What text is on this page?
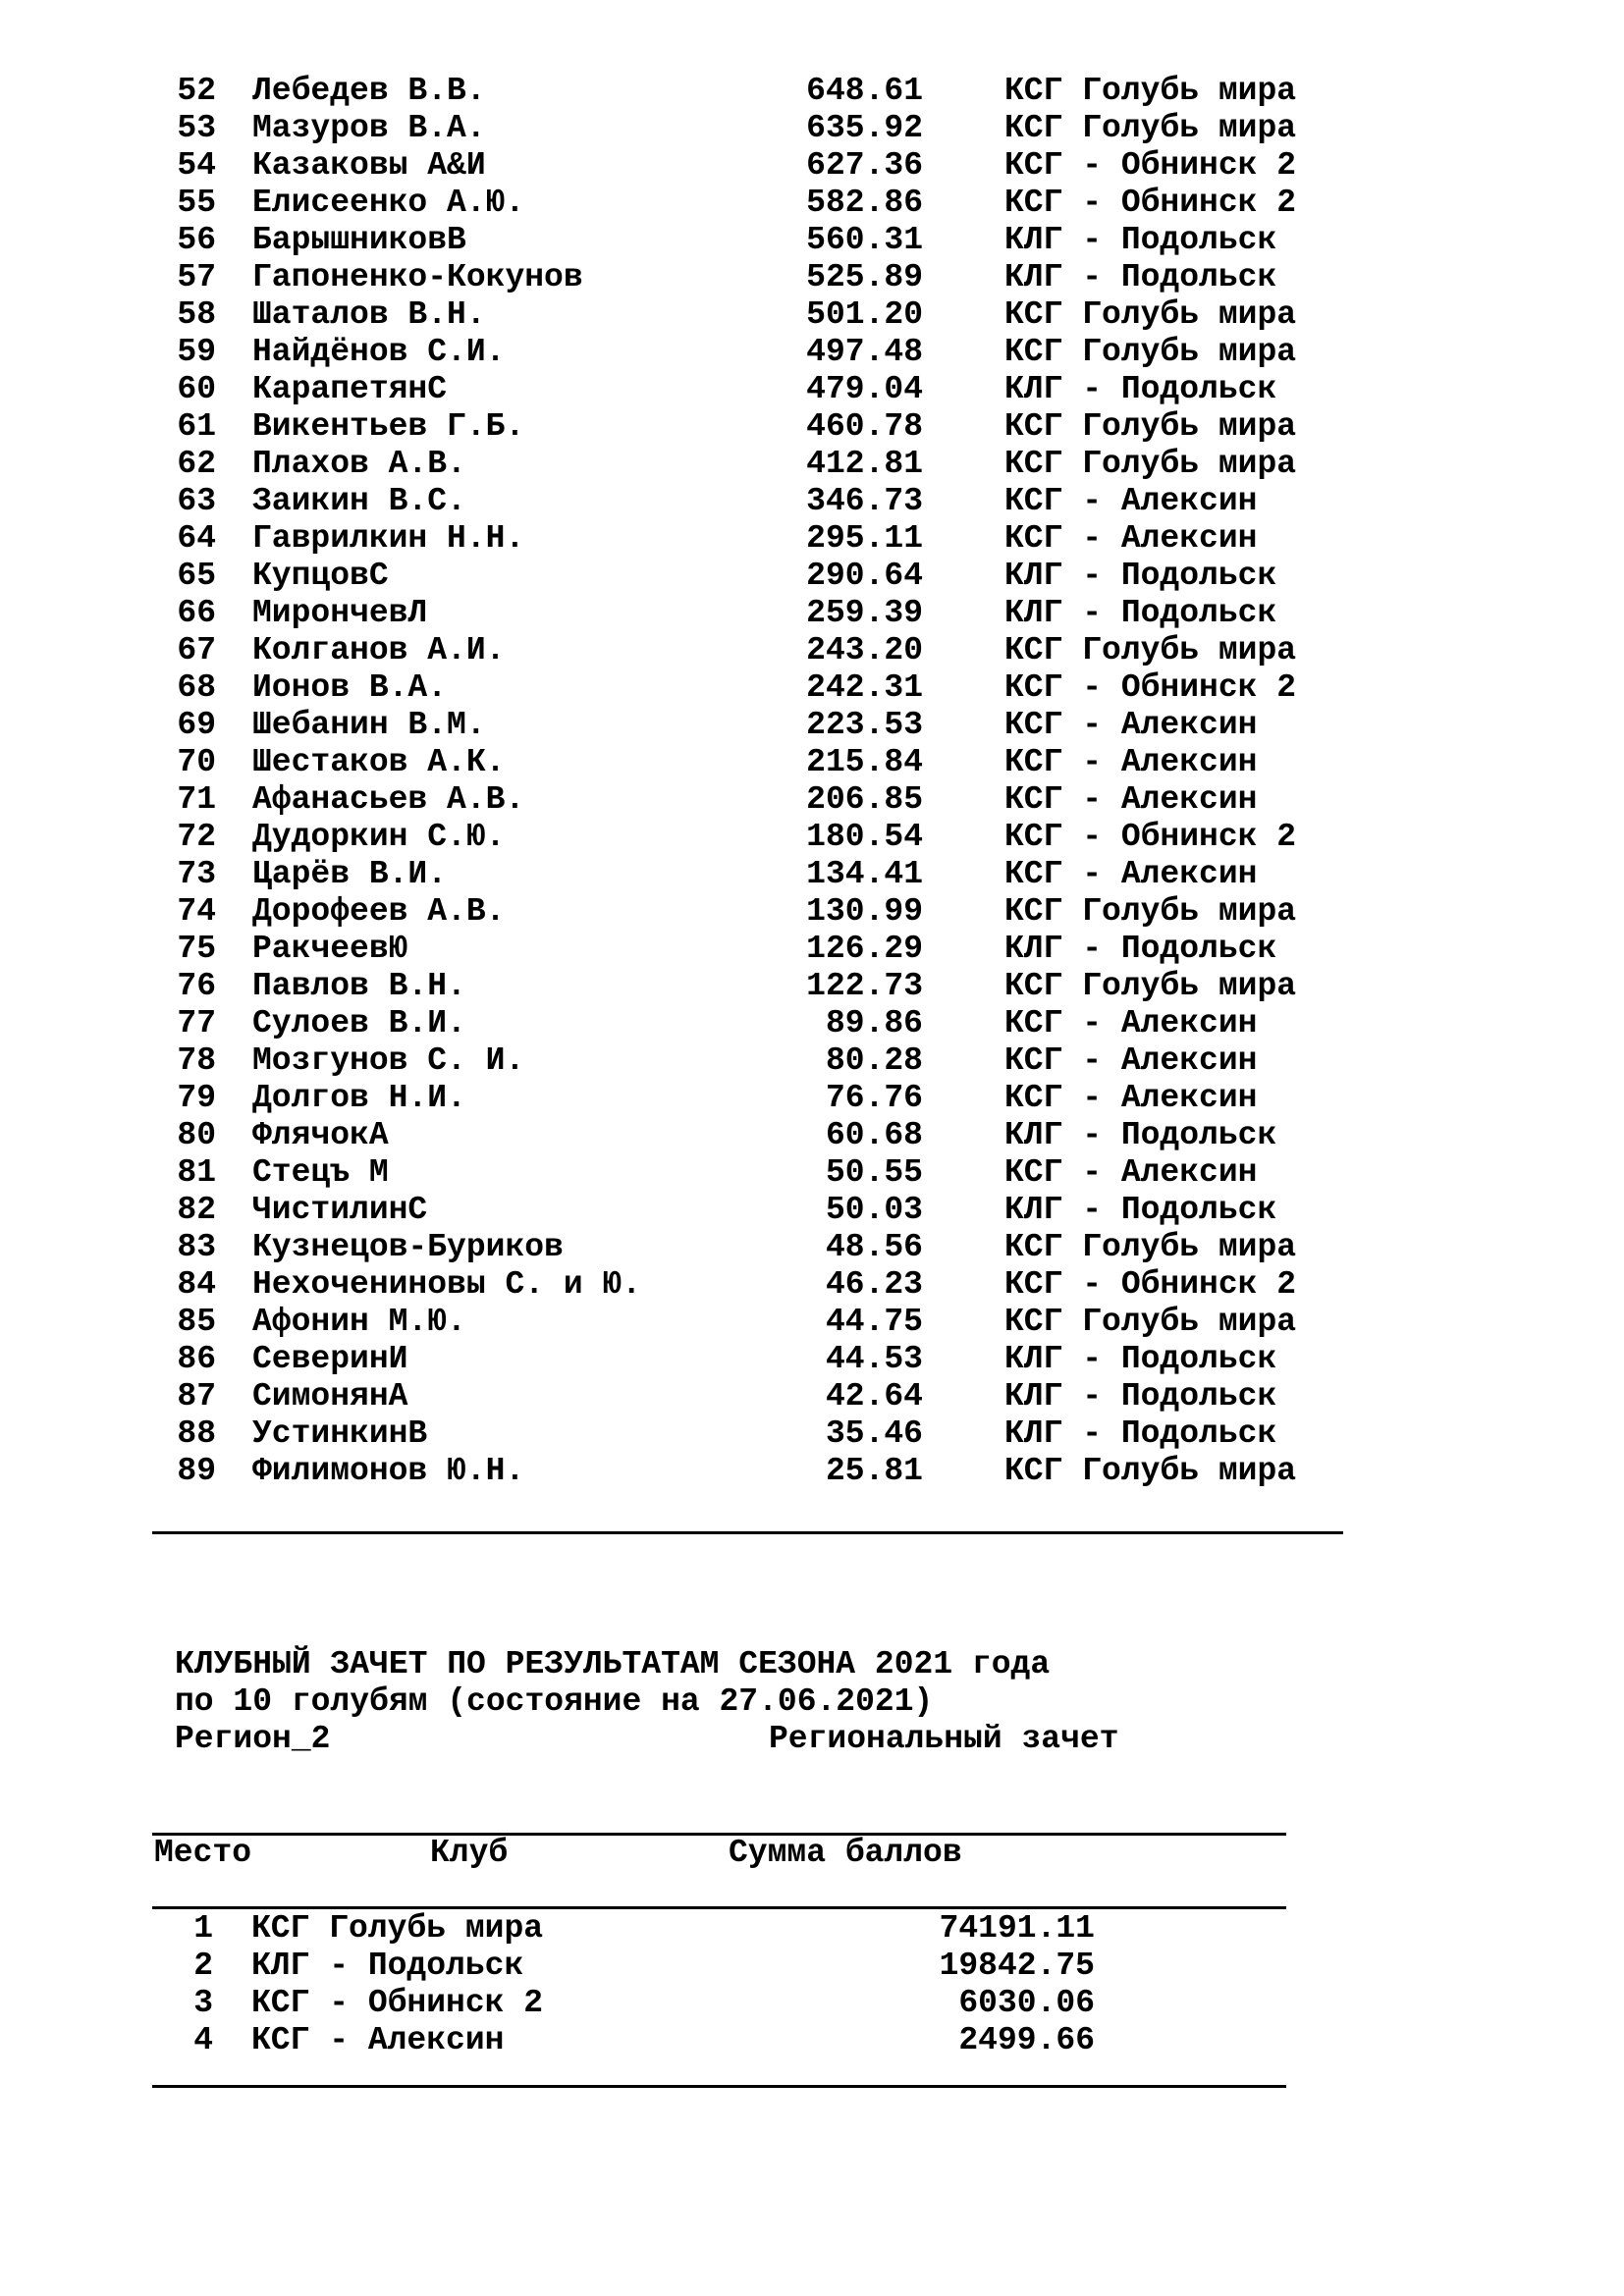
52 Лебедев В.В.	648.61	КСГ Голубь мира
53 Мазуров В.А.	635.92	КСГ Голубь мира
54 Казаковы А&И	627.36	КСГ - Обнинск 2
55 Елисеенко А.Ю.	582.86	КСГ - Обнинск 2
56 БарышниковВ	560.31	КЛГ - Подольск
57 Гапоненко-Кокунов	525.89	КЛГ - Подольск
58 Шаталов В.Н.	501.20	КСГ Голубь мира
59 Найдёнов С.И.	497.48	КСГ Голубь мира
60 КарапетянС	479.04	КЛГ - Подольск
61 Викентьев Г.Б.	460.78	КСГ Голубь мира
62 Плахов А.В.	412.81	КСГ Голубь мира
63 Заикин В.С.	346.73	КСГ - Алексин
64 Гаврилкин Н.Н.	295.11	КСГ - Алексин
65 КупцовС	290.64	КЛГ - Подольск
66 МирончевЛ	259.39	КЛГ - Подольск
67 Колганов А.И.	243.20	КСГ Голубь мира
68 Ионов В.А.	242.31	КСГ - Обнинск 2
69 Шебанин В.М.	223.53	КСГ - Алексин
70 Шестаков А.К.	215.84	КСГ - Алексин
71 Афанасьев А.В.	206.85	КСГ - Алексин
72 Дудоркин С.Ю.	180.54	КСГ - Обнинск 2
73 Царёв В.И.	134.41	КСГ - Алексин
74 Дорофеев А.В.	130.99	КСГ Голубь мира
75 РакчеевЮ	126.29	КЛГ - Подольск
76 Павлов В.Н.	122.73	КСГ Голубь мира
77 Сулоев В.И.	89.86	КСГ - Алексин
78 Мозгунов С. И.	80.28	КСГ - Алексин
79 Долгов Н.И.	76.76	КСГ - Алексин
80 ФлячокА	60.68	КЛГ - Подольск
81 Стецъ М	50.55	КСГ - Алексин
82 ЧистилинС	50.03	КЛГ - Подольск
83 Кузнецов-Буриков	48.56	КСГ Голубь мира
84 Нехочениновы С. и Ю.	46.23	КСГ - Обнинск 2
85 Афонин М.Ю.	44.75	КСГ Голубь мира
86 СеверинИ	44.53	КЛГ - Подольск
87 СимонянА	42.64	КЛГ - Подольск
88 УстинкинВ	35.46	КЛГ - Подольск
89 Филимонов Ю.Н.	25.81	КСГ Голубь мира
КЛУБНЫЙ ЗАЧЕТ ПО РЕЗУЛЬТАТАМ СЕЗОНА 2021 года
по 10 голубям (состояние на 27.06.2021)

Регион_2

	Региональный зачет

Место	Клуб	Сумма баллов
1 КСГ Голубь мира	74191.11
2 КЛГ - Подольск	19842.75
3 КСГ - Обнинск 2	6030.06
4 КСГ - Алексин	2499.66
